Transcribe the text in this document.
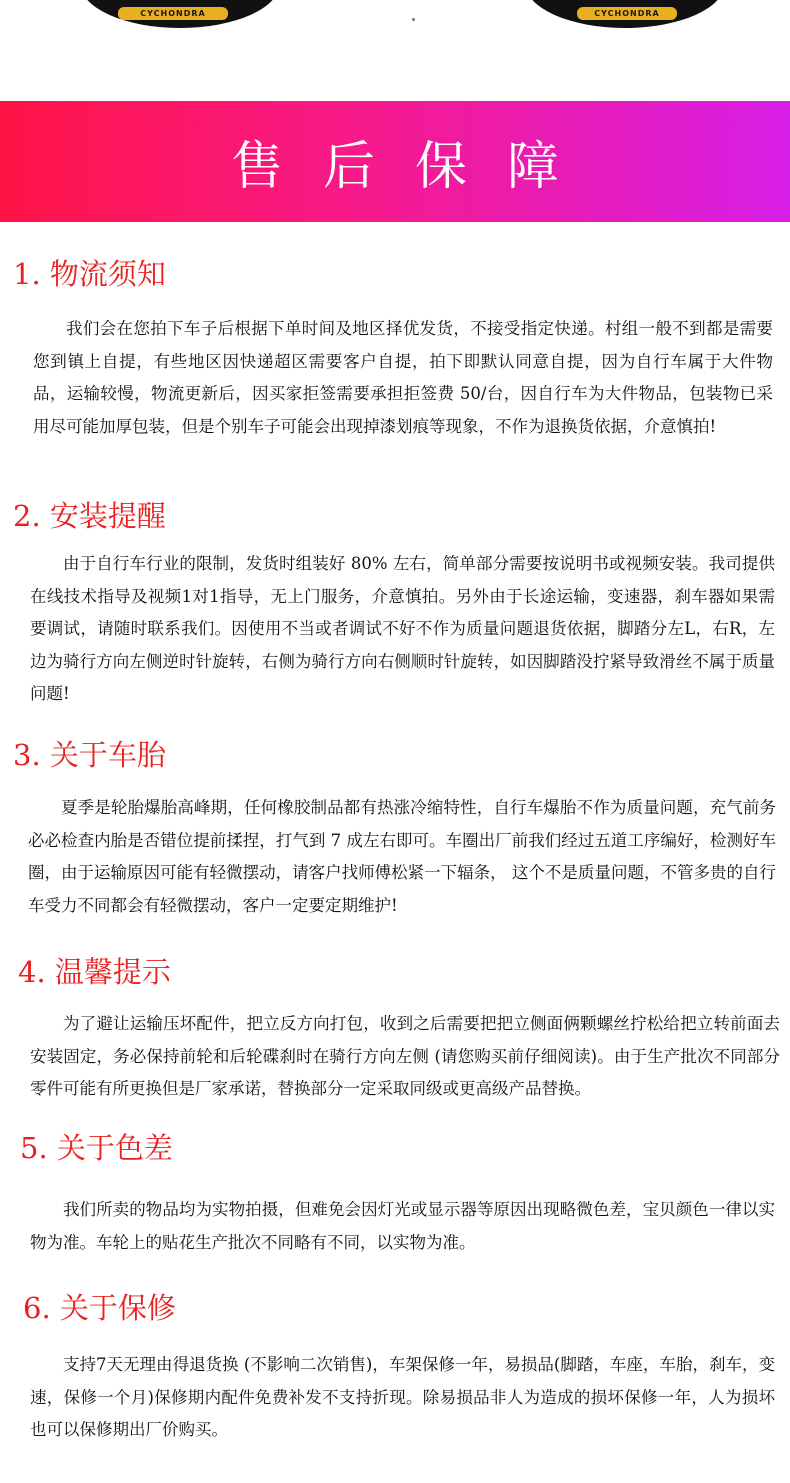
CYCHONDRA	CYCHONDRA
售后保障
1. 物流须知
我们会在您拍下车子后根据下单时间及地区择优发货，不接受指定快递。村组一般不到都是需要您到镇上自提，有些地区因快递超区需要客户自提，拍下即默认同意自提，因为自行车属于大件物品，运输较慢，物流更新后，因买家拒签需要承担拒签费 50/台，因自行车为大件物品，包装物已采用尽可能加厚包装，但是个别车子可能会出现掉漆划痕等现象，不作为退换货依据，介意慎拍!
2. 安装提醒
由于自行车行业的限制，发货时组装好 80% 左右，简单部分需要按说明书或视频安装。我司提供在线技术指导及视频1对1指导，无上门服务，介意慎拍。另外由于长途运输，变速器，刹车器如果需要调试，请随时联系我们。因使用不当或者调试不好不作为质量问题退货依据，脚踏分左L，右R，左边为骑行方向左侧逆时针旋转，右侧为骑行方向右侧顺时针旋转，如因脚踏没拧紧导致滑丝不属于质量问题!
3. 关于车胎
夏季是轮胎爆胎高峰期，任何橡胶制品都有热涨冷缩特性，自行车爆胎不作为质量问题，充气前务必必检查内胎是否错位提前揉捏，打气到 7 成左右即可。车圈出厂前我们经过五道工序编好，检测好车圈，由于运输原因可能有轻微摆动，请客户找师傅松紧一下辐条， 这个不是质量问题，不管多贵的自行车受力不同都会有轻微摆动，客户一定要定期维护!
4. 温馨提示
为了避让运输压坏配件，把立反方向打包，收到之后需要把把立侧面俩颗螺丝拧松给把立转前面去安装固定，务必保持前轮和后轮碟刹时在骑行方向左侧 (请您购买前仔细阅读)。由于生产批次不同部分零件可能有所更换但是厂家承诺，替换部分一定采取同级或更高级产品替换。
5. 关于色差
我们所卖的物品均为实物拍摄，但难免会因灯光或显示器等原因出现略微色差，宝贝颜色一律以实物为准。车轮上的贴花生产批次不同略有不同，以实物为准。
6. 关于保修
支持7天无理由得退货换 (不影响二次销售)，车架保修一年，易损品(脚踏，车座，车胎，刹车，变速，保修一个月)保修期内配件免费补发不支持折现。除易损品非人为造成的损坏保修一年，人为损坏也可以保修期出厂价购买。
